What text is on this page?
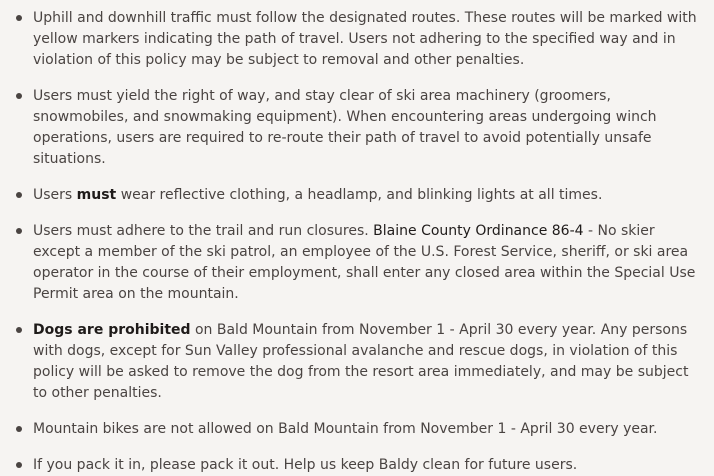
Uphill and downhill traffic must follow the designated routes. These routes will be marked with yellow markers indicating the path of travel. Users not adhering to the specified way and in violation of this policy may be subject to removal and other penalties.
Users must yield the right of way, and stay clear of ski area machinery (groomers, snowmobiles, and snowmaking equipment). When encountering areas undergoing winch operations, users are required to re-route their path of travel to avoid potentially unsafe situations.
Users must wear reflective clothing, a headlamp, and blinking lights at all times.
Users must adhere to the trail and run closures. Blaine County Ordinance 86-4 - No skier except a member of the ski patrol, an employee of the U.S. Forest Service, sheriff, or ski area operator in the course of their employment, shall enter any closed area within the Special Use Permit area on the mountain.
Dogs are prohibited on Bald Mountain from November 1 - April 30 every year. Any persons with dogs, except for Sun Valley professional avalanche and rescue dogs, in violation of this policy will be asked to remove the dog from the resort area immediately, and may be subject to other penalties.
Mountain bikes are not allowed on Bald Mountain from November 1 - April 30 every year.
If you pack it in, please pack it out. Help us keep Baldy clean for future users.
